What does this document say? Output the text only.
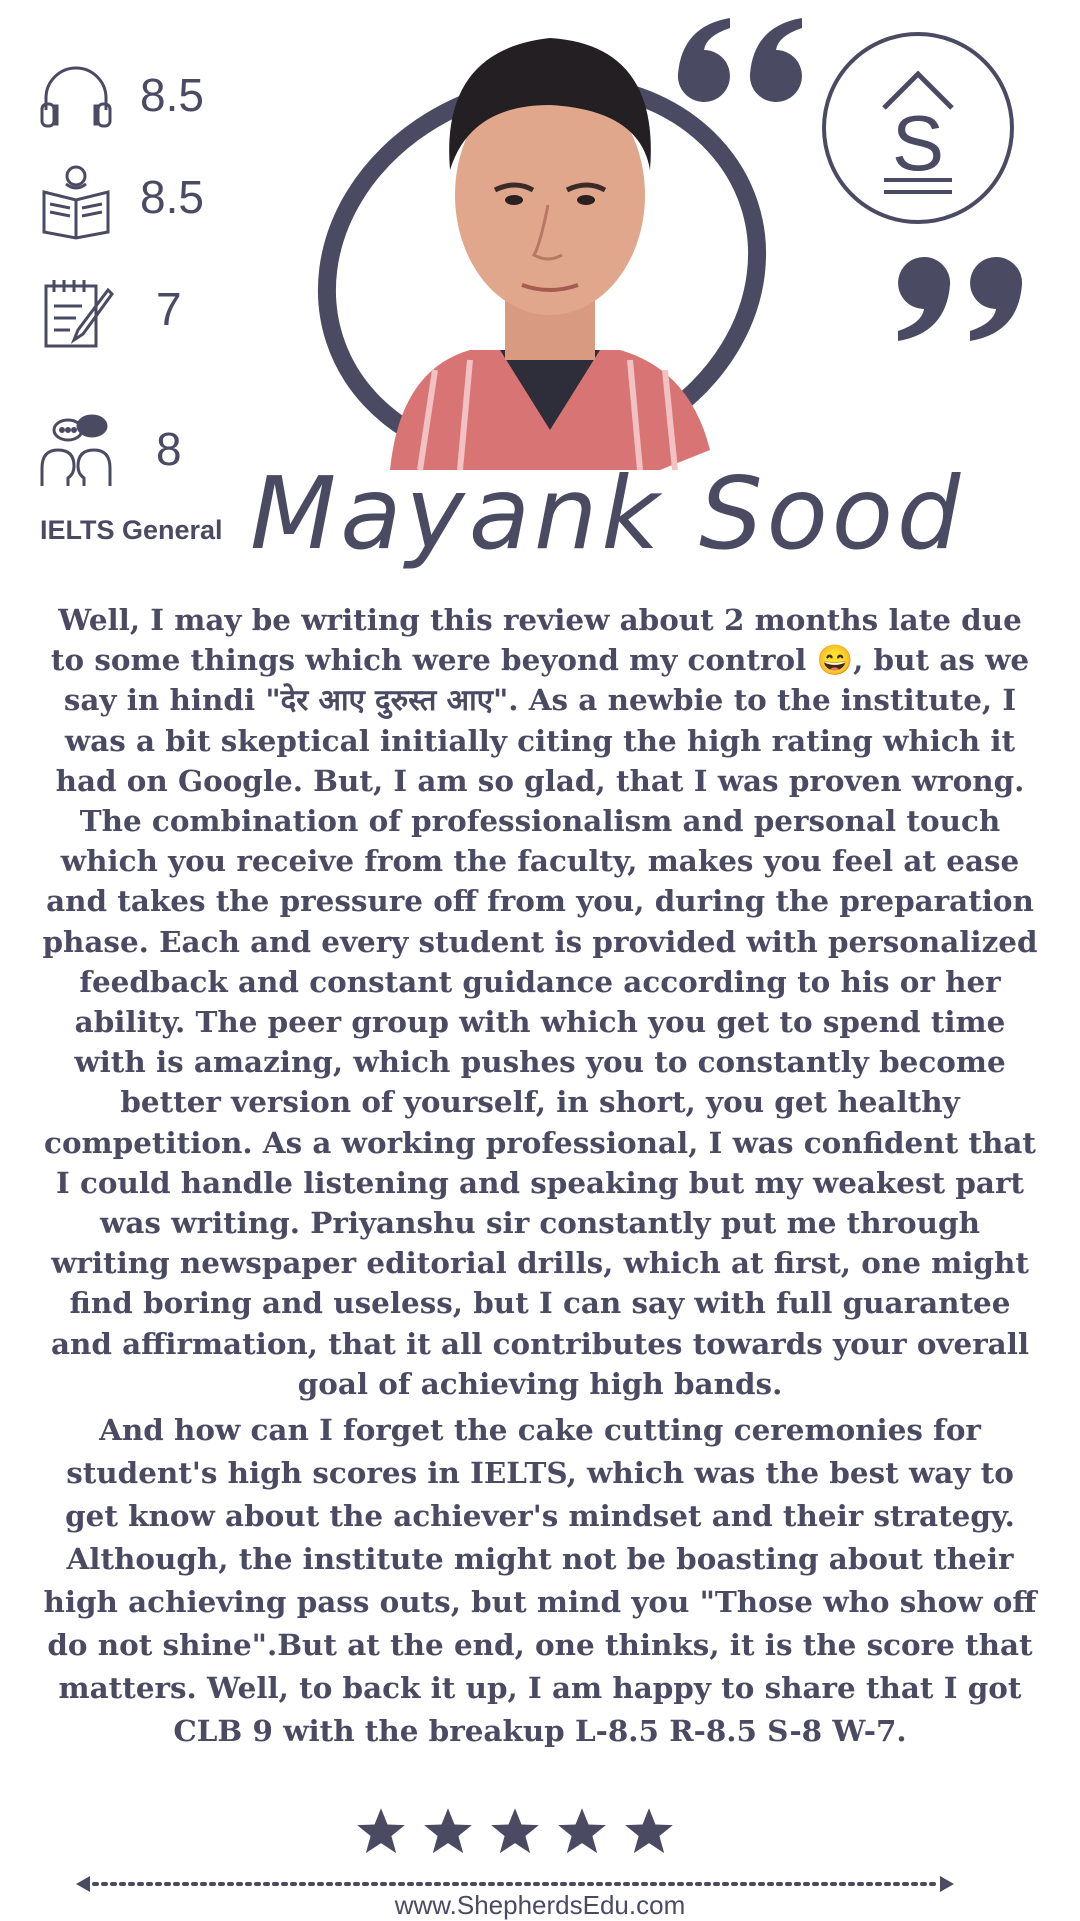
8.5
8.5
7
8
IELTS General
S
Mayank Sood
Well, I may be writing this review about 2 months late due to some things which were beyond my control 😄, but as we say in hindi "देर आए दुरुस्त आए". As a newbie to the institute, I was a bit skeptical initially citing the high rating which it had on Google. But, I am so glad, that I was proven wrong. The combination of professionalism and personal touch which you receive from the faculty, makes you feel at ease and takes the pressure off from you, during the preparation phase. Each and every student is provided with personalized feedback and constant guidance according to his or her ability. The peer group with which you get to spend time with is amazing, which pushes you to constantly become better version of yourself, in short, you get healthy competition. As a working professional, I was confident that I could handle listening and speaking but my weakest part was writing. Priyanshu sir constantly put me through writing newspaper editorial drills, which at first, one might find boring and useless, but I can say with full guarantee and affirmation, that it all contributes towards your overall goal of achieving high bands.
And how can I forget the cake cutting ceremonies for student's high scores in IELTS, which was the best way to get know about the achiever's mindset and their strategy. Although, the institute might not be boasting about their high achieving pass outs, but mind you "Those who show off do not shine".But at the end, one thinks, it is the score that matters. Well, to back it up, I am happy to share that I got CLB 9 with the breakup L-8.5 R-8.5 S-8 W-7.
www.ShepherdsEdu.com
